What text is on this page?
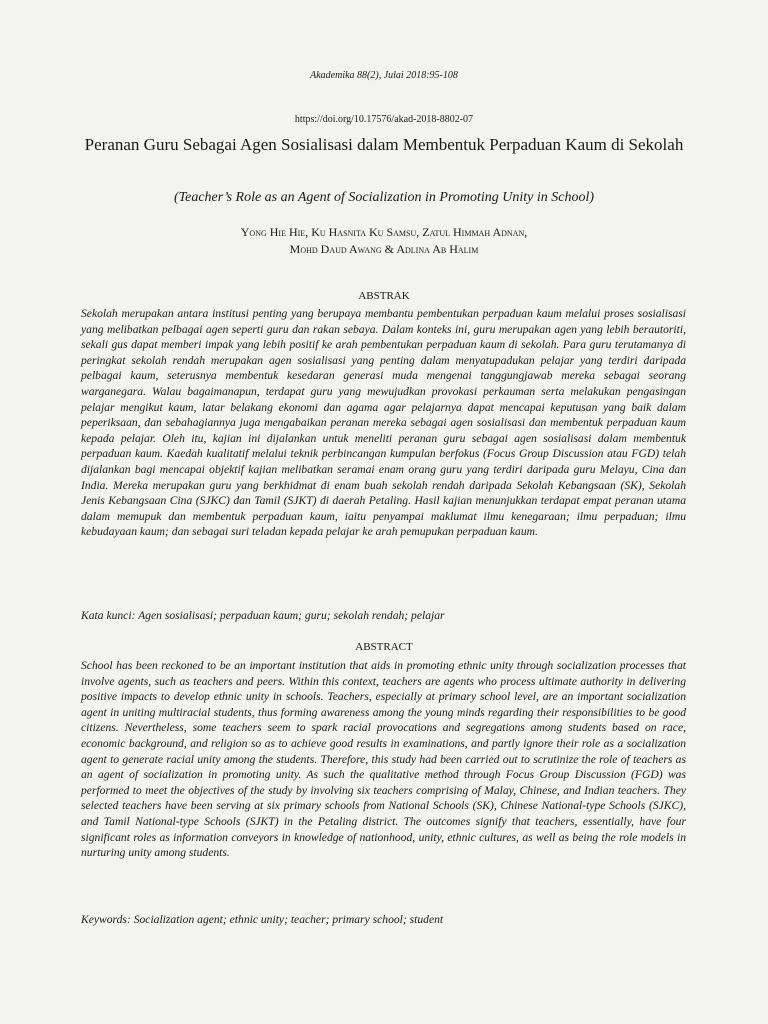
Akademika 88(2), Julai 2018:95-108
https://doi.org/10.17576/akad-2018-8802-07
Peranan Guru Sebagai Agen Sosialisasi dalam Membentuk Perpaduan Kaum di Sekolah
(Teacher’s Role as an Agent of Socialization in Promoting Unity in School)
Yong Hie Hie, Ku Hasnita Ku Samsu, Zatul Himmah Adnan,
Mohd Daud Awang & Adlina Ab Halim
ABSTRAK

Sekolah merupakan antara institusi penting yang berupaya membantu pembentukan perpaduan kaum melalui proses sosialisasi yang melibatkan pelbagai agen seperti guru dan rakan sebaya. Dalam konteks ini, guru merupakan agen yang lebih berautoriti, sekali gus dapat memberi impak yang lebih positif ke arah pembentukan perpaduan kaum di sekolah. Para guru terutamanya di peringkat sekolah rendah merupakan agen sosialisasi yang penting dalam menyatupadukan pelajar yang terdiri daripada pelbagai kaum, seterusnya membentuk kesedaran generasi muda mengenai tanggungjawab mereka sebagai seorang warganegara. Walau bagaimanapun, terdapat guru yang mewujudkan provokasi perkauman serta melakukan pengasingan pelajar mengikut kaum, latar belakang ekonomi dan agama agar pelajarnya dapat mencapai keputusan yang baik dalam peperiksaan, dan sebahagiannya juga mengabaikan peranan mereka sebagai agen sosialisasi dan membentuk perpaduan kaum kepada pelajar. Oleh itu, kajian ini dijalankan untuk meneliti peranan guru sebagai agen sosialisasi dalam membentuk perpaduan kaum. Kaedah kualitatif melalui teknik perbincangan kumpulan berfokus (Focus Group Discussion atau FGD) telah dijalankan bagi mencapai objektif kajian melibatkan seramai enam orang guru yang terdiri daripada guru Melayu, Cina dan India. Mereka merupakan guru yang berkhidmat di enam buah sekolah rendah daripada Sekolah Kebangsaan (SK), Sekolah Jenis Kebangsaan Cina (SJKC) dan Tamil (SJKT) di daerah Petaling. Hasil kajian menunjukkan terdapat empat peranan utama dalam memupuk dan membentuk perpaduan kaum, iaitu penyampai maklumat ilmu kenegaraan; ilmu perpaduan; ilmu kebudayaan kaum; dan sebagai suri teladan kepada pelajar ke arah pemupukan perpaduan kaum.

Kata kunci: Agen sosialisasi; perpaduan kaum; guru; sekolah rendah; pelajar

ABSTRACT

School has been reckoned to be an important institution that aids in promoting ethnic unity through socialization processes that involve agents, such as teachers and peers. Within this context, teachers are agents who process ultimate authority in delivering positive impacts to develop ethnic unity in schools. Teachers, especially at primary school level, are an important socialization agent in uniting multiracial students, thus forming awareness among the young minds regarding their responsibilities to be good citizens. Nevertheless, some teachers seem to spark racial provocations and segregations among students based on race, economic background, and religion so as to achieve good results in examinations, and partly ignore their role as a socialization agent to generate racial unity among the students. Therefore, this study had been carried out to scrutinize the role of teachers as an agent of socialization in promoting unity. As such the qualitative method through Focus Group Discussion (FGD) was performed to meet the objectives of the study by involving six teachers comprising of Malay, Chinese, and Indian teachers. They selected teachers have been serving at six primary schools from National Schools (SK), Chinese National-type Schools (SJKC), and Tamil National-type Schools (SJKT) in the Petaling district. The outcomes signify that teachers, essentially, have four significant roles as information conveyors in knowledge of nationhood, unity, ethnic cultures, as well as being the role models in nurturing unity among students.

Keywords: Socialization agent; ethnic unity; teacher; primary school; student
